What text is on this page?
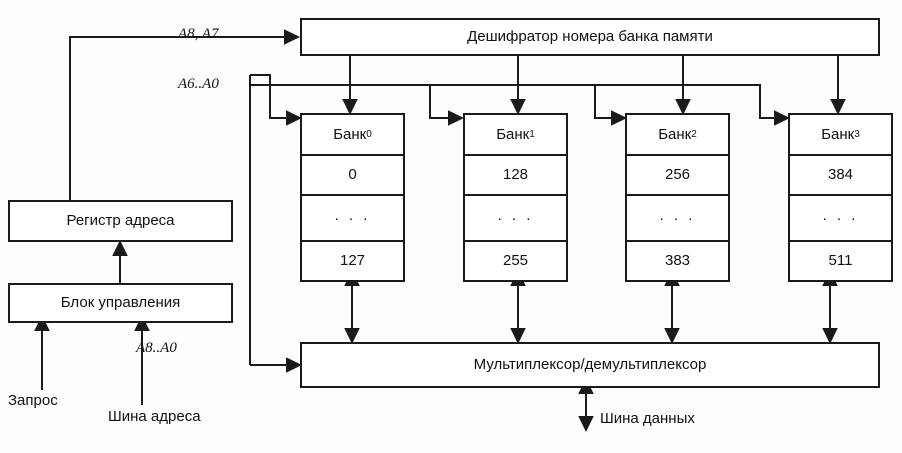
Дешифратор номера банка памяти
Регистр адреса
Блок управления
Мультиплексор/демультиплексор
Банк 0
0
. . .
127
Банк 1
128
. . .
255
Банк 2
256
. . .
383
Банк 3
384
. . .
511
A8, A7
A6..A0
A8..A0
Запрос
Шина адреса	Шина данных
